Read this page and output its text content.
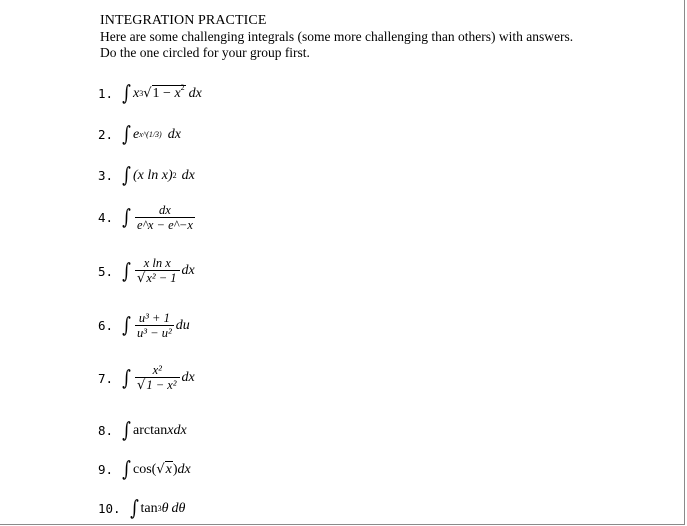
INTEGRATION PRACTICE
Here are some challenging integrals (some more challenging than others) with answers.
Do the one circled for your group first.
1. ∫ x 3 √ $1 - x^2$ dx
2. ∫ e x^(1/3) dx
3. ∫ (x ln x) 2 dx
4. ∫ $\frac{dx}{e\^{}x - e\^{}-x}$
5. ∫ $\frac{\text{x ln x}}{\text{√x² − 1}}$ dx
6. ∫ $\frac{\text{u³ + 1}}{\text{u³ − u²}}$ du
7. ∫ $\frac{\text{x²}}{\text{√1 − x²}}$ dx
8. ∫ arctan x dx
9. ∫ cos( √ x ) dx
10. ∫ tan 3 θ dθ
